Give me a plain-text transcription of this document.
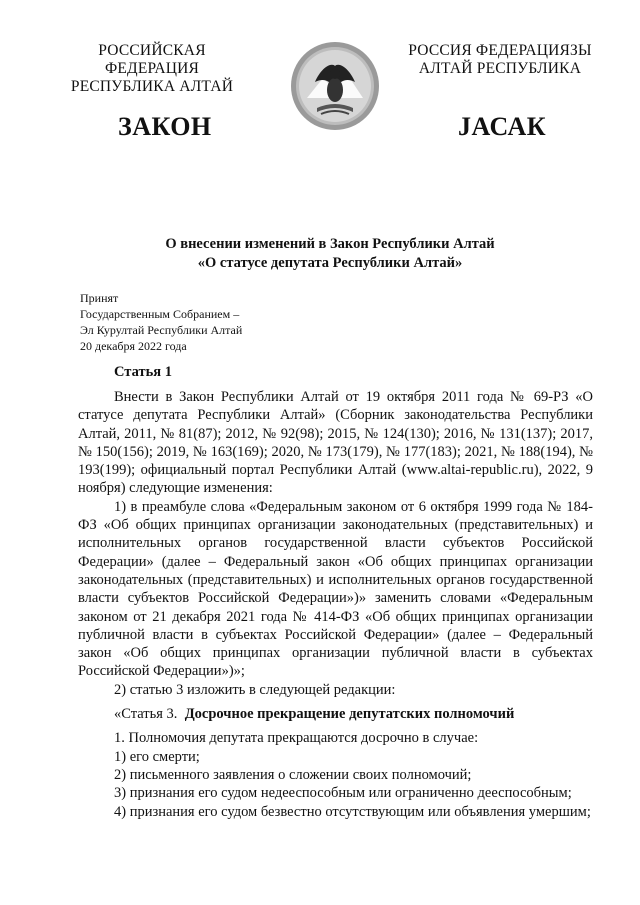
РОССИЙСКАЯ ФЕДЕРАЦИЯ
РЕСПУБЛИКА АЛТАЙ
РОССИЯ ФЕДЕРАЦИЯЗЫ
АЛТАЙ РЕСПУБЛИКА
ЗАКОН	JАСАК
О внесении изменений в Закон Республики Алтай
«О статусе депутата Республики Алтай»
Принят
Государственным Собранием –
Эл Курултай Республики Алтай
20 декабря 2022 года
Статья 1

Внести в Закон Республики Алтай от 19 октября 2011 года № 69-РЗ «О статусе депутата Республики Алтай» (Сборник законодательства Республики Алтай, 2011, № 81(87); 2012, № 92(98); 2015, № 124(130); 2016, № 131(137); 2017, № 150(156); 2019, № 163(169); 2020, № 173(179), № 177(183); 2021, № 188(194), № 193(199); официальный портал Республики Алтай (www.altai-republic.ru), 2022, 9 ноября) следующие изменения:

1) в преамбуле слова «Федеральным законом от 6 октября 1999 года № 184-ФЗ «Об общих принципах организации законодательных (представительных) и исполнительных органов государственной власти субъектов Российской Федерации» (далее – Федеральный закон «Об общих принципах организации законодательных (представительных) и исполнительных органов государственной власти субъектов Российской Федерации»)» заменить словами «Федеральным законом от 21 декабря 2021 года № 414-ФЗ «Об общих принципах организации публичной власти в субъектах Российской Федерации» (далее – Федеральный закон «Об общих принципах организации публичной власти в субъектах Российской Федерации»)»;

2) статью 3 изложить в следующей редакции:

«Статья 3. Досрочное прекращение депутатских полномочий

1. Полномочия депутата прекращаются досрочно в случае:

1) его смерти;

2) письменного заявления о сложении своих полномочий;

3) признания его судом недееспособным или ограниченно дееспособным;

4) признания его судом безвестно отсутствующим или объявления умершим;
